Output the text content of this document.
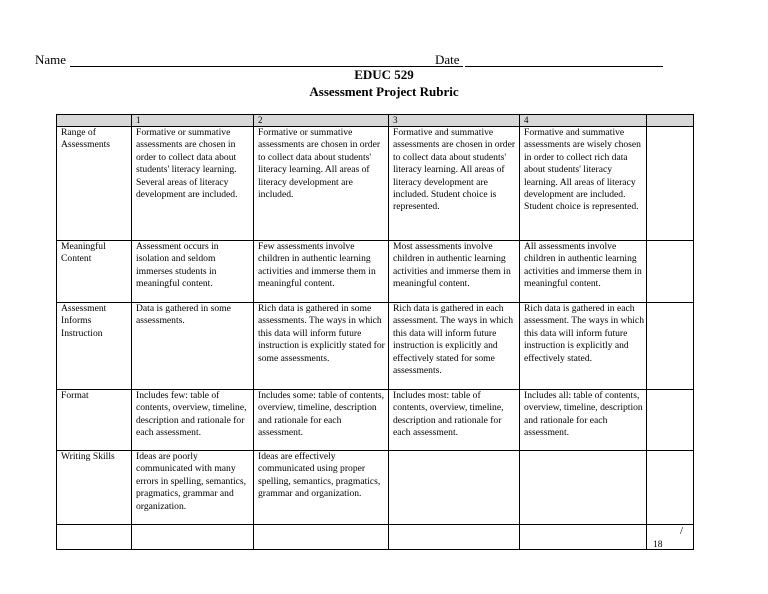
Name	Date
EDUC 529
Assessment Project Rubric
	1	2	3	4	
Range of Assessments	Formative or summative assessments are chosen in order to collect data about students' literacy learning. Several areas of literacy development are included.	Formative or summative assessments are chosen in order to collect data about students' literacy learning. All areas of literacy development are included.	Formative and summative assessments are chosen in order to collect data about students' literacy learning. All areas of literacy development are included. Student choice is represented.	Formative and summative assessments are wisely chosen in order to collect rich data about students' literacy learning. All areas of literacy development are included. Student choice is represented.	
Meaningful Content	Assessment occurs in isolation and seldom immerses students in meaningful content.	Few assessments involve children in authentic learning activities and immerse them in meaningful content.	Most assessments involve children in authentic learning activities and immerse them in meaningful content.	All assessments involve children in authentic learning activities and immerse them in meaningful content.	
Assessment Informs Instruction	Data is gathered in some assessments.	Rich data is gathered in some assessments. The ways in which this data will inform future instruction is explicitly stated for some assessments.	Rich data is gathered in each assessment. The ways in which this data will inform future instruction is explicitly and effectively stated for some assessments.	Rich data is gathered in each assessment. The ways in which this data will inform future instruction is explicitly and effectively stated.	
Format	Includes few: table of contents, overview, timeline, description and rationale for each assessment.	Includes some: table of contents, overview, timeline, description and rationale for each assessment.	Includes most: table of contents, overview, timeline, description and rationale for each assessment.	Includes all: table of contents, overview, timeline, description and rationale for each assessment.	
Writing Skills	Ideas are poorly communicated with many errors in spelling, semantics, pragmatics, grammar and organization.	Ideas are effectively communicated using proper spelling, semantics, pragmatics, grammar and organization.			

					/
18
